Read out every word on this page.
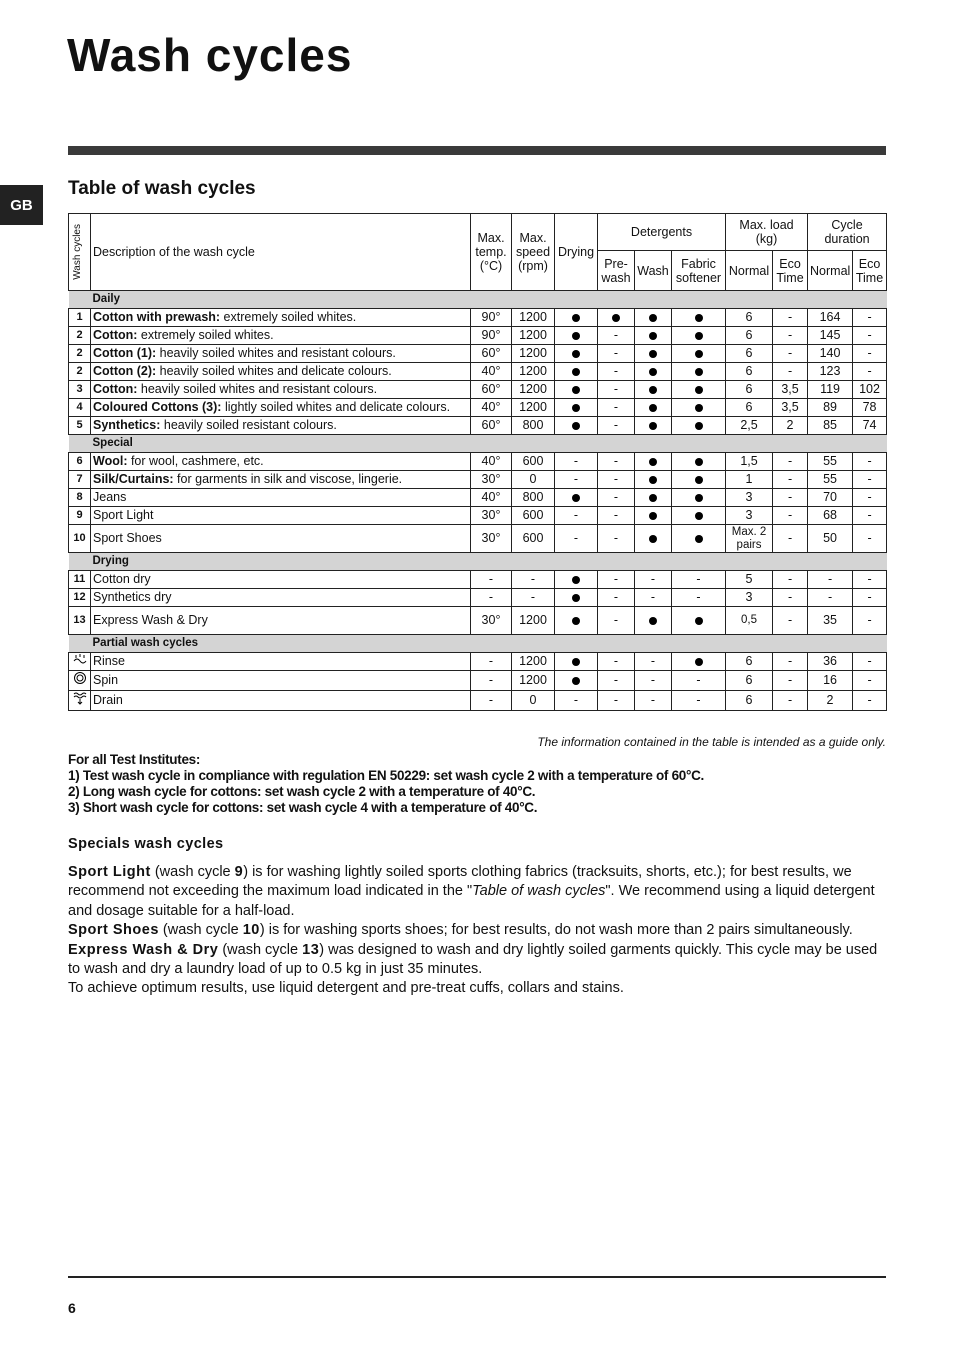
Wash cycles
GB
Table of wash cycles
Wash cycles	Description of the wash cycle	Max. temp. (°C)	Max. speed (rpm)	Drying	Detergents			Max. load (kg)		Cycle duration	
					Pre-wash	Wash	Fabric softener	Normal	Eco Time	Normal	Eco Time
	Daily										
1	Cotton with prewash: extremely soiled whites.	90°	1200					6	-	164	-
2	Cotton: extremely soiled whites.	90°	1200		-			6	-	145	-
2	Cotton (1): heavily soiled whites and resistant colours.	60°	1200		-			6	-	140	-
2	Cotton (2): heavily soiled whites and delicate colours.	40°	1200		-			6	-	123	-
3	Cotton: heavily soiled whites and resistant colours.	60°	1200		-			6	3,5	119	102
4	Coloured Cottons (3): lightly soiled whites and delicate colours.	40°	1200		-			6	3,5	89	78
5	Synthetics: heavily soiled resistant colours.	60°	800		-			2,5	2	85	74
	Special										
6	Wool: for wool, cashmere, etc.	40°	600	-	-			1,5	-	55	-
7	Silk/Curtains: for garments in silk and viscose, lingerie.	30°	0	-	-			1	-	55	-
8	Jeans	40°	800		-			3	-	70	-
9	Sport Light	30°	600	-	-			3	-	68	-
10	Sport Shoes	30°	600	-	-			Max. 2 pairs	-	50	-
	Drying										
11	Cotton dry	-	-		-	-	-	5	-	-	-
12	Synthetics dry	-	-		-	-	-	3	-	-	-
13	Express Wash & Dry	30°	1200		-			0,5	-	35	-
	Partial wash cycles										
	Rinse	-	1200		-	-		6	-	36	-
	Spin	-	1200		-	-	-	6	-	16	-
	Drain	-	0	-	-	-	-	6	-	2	-
The information contained in the table is intended as a guide only.
For all Test Institutes:
1) Test wash cycle in compliance with regulation EN 50229: set wash cycle 2 with a temperature of 60°C.
2) Long wash cycle for cottons: set wash cycle 2 with a temperature of 40°C.
3) Short wash cycle for cottons: set wash cycle 4 with a temperature of 40°C.
Specials wash cycles

Sport Light (wash cycle 9) is for washing lightly soiled sports clothing fabrics (tracksuits, shorts, etc.); for best results, we recommend not exceeding the maximum load indicated in the "Table of wash cycles". We recommend using a liquid detergent and dosage suitable for a half-load.

Sport Shoes (wash cycle 10) is for washing sports shoes; for best results, do not wash more than 2 pairs simultaneously.

Express Wash & Dry (wash cycle 13) was designed to wash and dry lightly soiled garments quickly. This cycle may be used to wash and dry a laundry load of up to 0.5 kg in just 35 minutes.

To achieve optimum results, use liquid detergent and pre-treat cuffs, collars and stains.

6
